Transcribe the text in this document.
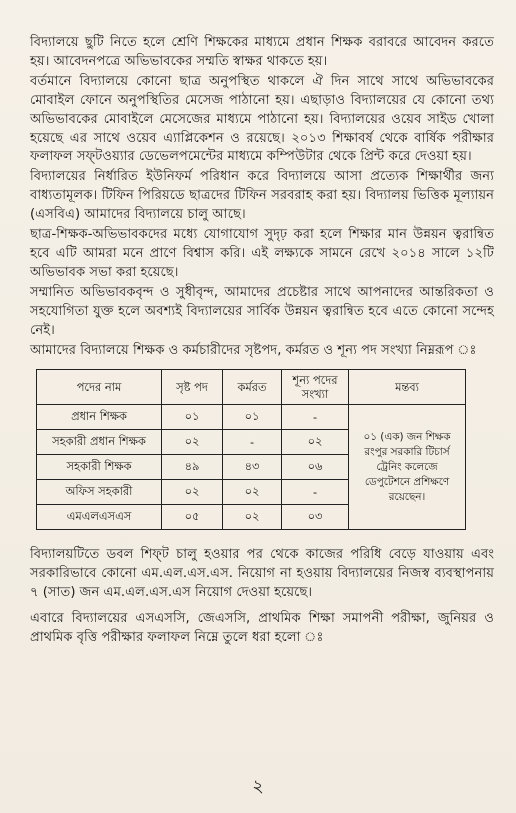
বিদ্যালয়ে ছুটি নিতে হলে শ্রেণি শিক্ষকের মাধ্যমে প্রধান শিক্ষক বরাবরে আবেদন করতে হয়। আবেদনপত্রে অভিভাবকের সম্মতি স্বাক্ষর থাকতে হয়।

বর্তমানে বিদ্যালয়ে কোনো ছাত্র অনুপস্থিত থাকলে ঐ দিন সাথে সাথে অভিভাবকের মোবাইল ফোনে অনুপস্থিতির মেসেজ পাঠানো হয়। এছাড়াও বিদ্যালয়ের যে কোনো তথ্য অভিভাবকের মোবাইলে মেসেজের মাধ্যমে পাঠানো হয়। বিদ্যালয়ের ওয়েব সাইড খোলা হয়েছে এর সাথে ওয়েব এ্যাপ্লিকেশন ও রয়েছে। ২০১৩ শিক্ষাবর্ষ থেকে বার্ষিক পরীক্ষার ফলাফল সফ্‌টওয়্যার ডেভেলপমেন্টের মাধ্যমে কম্পিউটার থেকে প্রিন্ট করে দেওয়া হয়।

বিদ্যালয়ের নির্ধারিত ইউনিফর্ম পরিধান করে বিদ্যালয়ে আসা প্রত্যেক শিক্ষার্থীর জন্য বাধ্যতামূলক। টিফিন পিরিয়ডে ছাত্রদের টিফিন সরবরাহ করা হয়। বিদ্যালয় ভিত্তিক মূল্যায়ন (এসবিএ) আমাদের বিদ্যালয়ে চালু আছে।

ছাত্র-শিক্ষক-অভিভাবকদের মধ্যে যোগাযোগ সুদৃঢ় করা হলে শিক্ষার মান উন্নয়ন ত্বরান্বিত হবে এটি আমরা মনে প্রাণে বিশ্বাস করি। এই লক্ষ্যকে সামনে রেখে ২০১৪ সালে ১২টি অভিভাবক সভা করা হয়েছে।

সম্মানিত অভিভাবকবৃন্দ ও সুধীবৃন্দ, আমাদের প্রচেষ্টার সাথে আপনাদের আন্তরিকতা ও সহযোগিতা যুক্ত হলে অবশ্যই বিদ্যালয়ের সার্বিক উন্নয়ন ত্বরান্বিত হবে এতে কোনো সন্দেহ নেই।

আমাদের বিদ্যালয়ে শিক্ষক ও কর্মচারীদের সৃষ্টপদ, কর্মরত ও শূন্য পদ সংখ্যা নিম্নরূপ ঃ

পদের নাম	সৃষ্ট পদ	কর্মরত	শূন্য পদের সংখ্যা	মন্তব্য
প্রধান শিক্ষক	০১	০১	-	০১ (এক) জন শিক্ষক রংপুর সরকারি টিচার্স ট্রেনিং কলেজে ডেপুটেশনে প্রশিক্ষণে রয়েছেন।
সহকারী প্রধান শিক্ষক	০২	-	০২	
সহকারী শিক্ষক	৪৯	৪৩	০৬	
অফিস সহকারী	০২	০২	-	
এমএলএসএস	০৫	০২	০৩	

বিদ্যালয়টিতে ডবল শিফ্‌ট চালু হওয়ার পর থেকে কাজের পরিধি বেড়ে যাওয়ায় এবং সরকারিভাবে কোনো এম.এল.এস.এস. নিয়োগ না হওয়ায় বিদ্যালয়ের নিজস্ব ব্যবস্থাপনায় ৭ (সাত) জন এম.এল.এস.এস নিয়োগ দেওয়া হয়েছে।

এবারে বিদ্যালয়ের এসএসসি, জেএসসি, প্রাথমিক শিক্ষা সমাপনী পরীক্ষা, জুনিয়র ও প্রাথমিক বৃত্তি পরীক্ষার ফলাফল নিম্নে তুলে ধরা হলো ঃ

২
